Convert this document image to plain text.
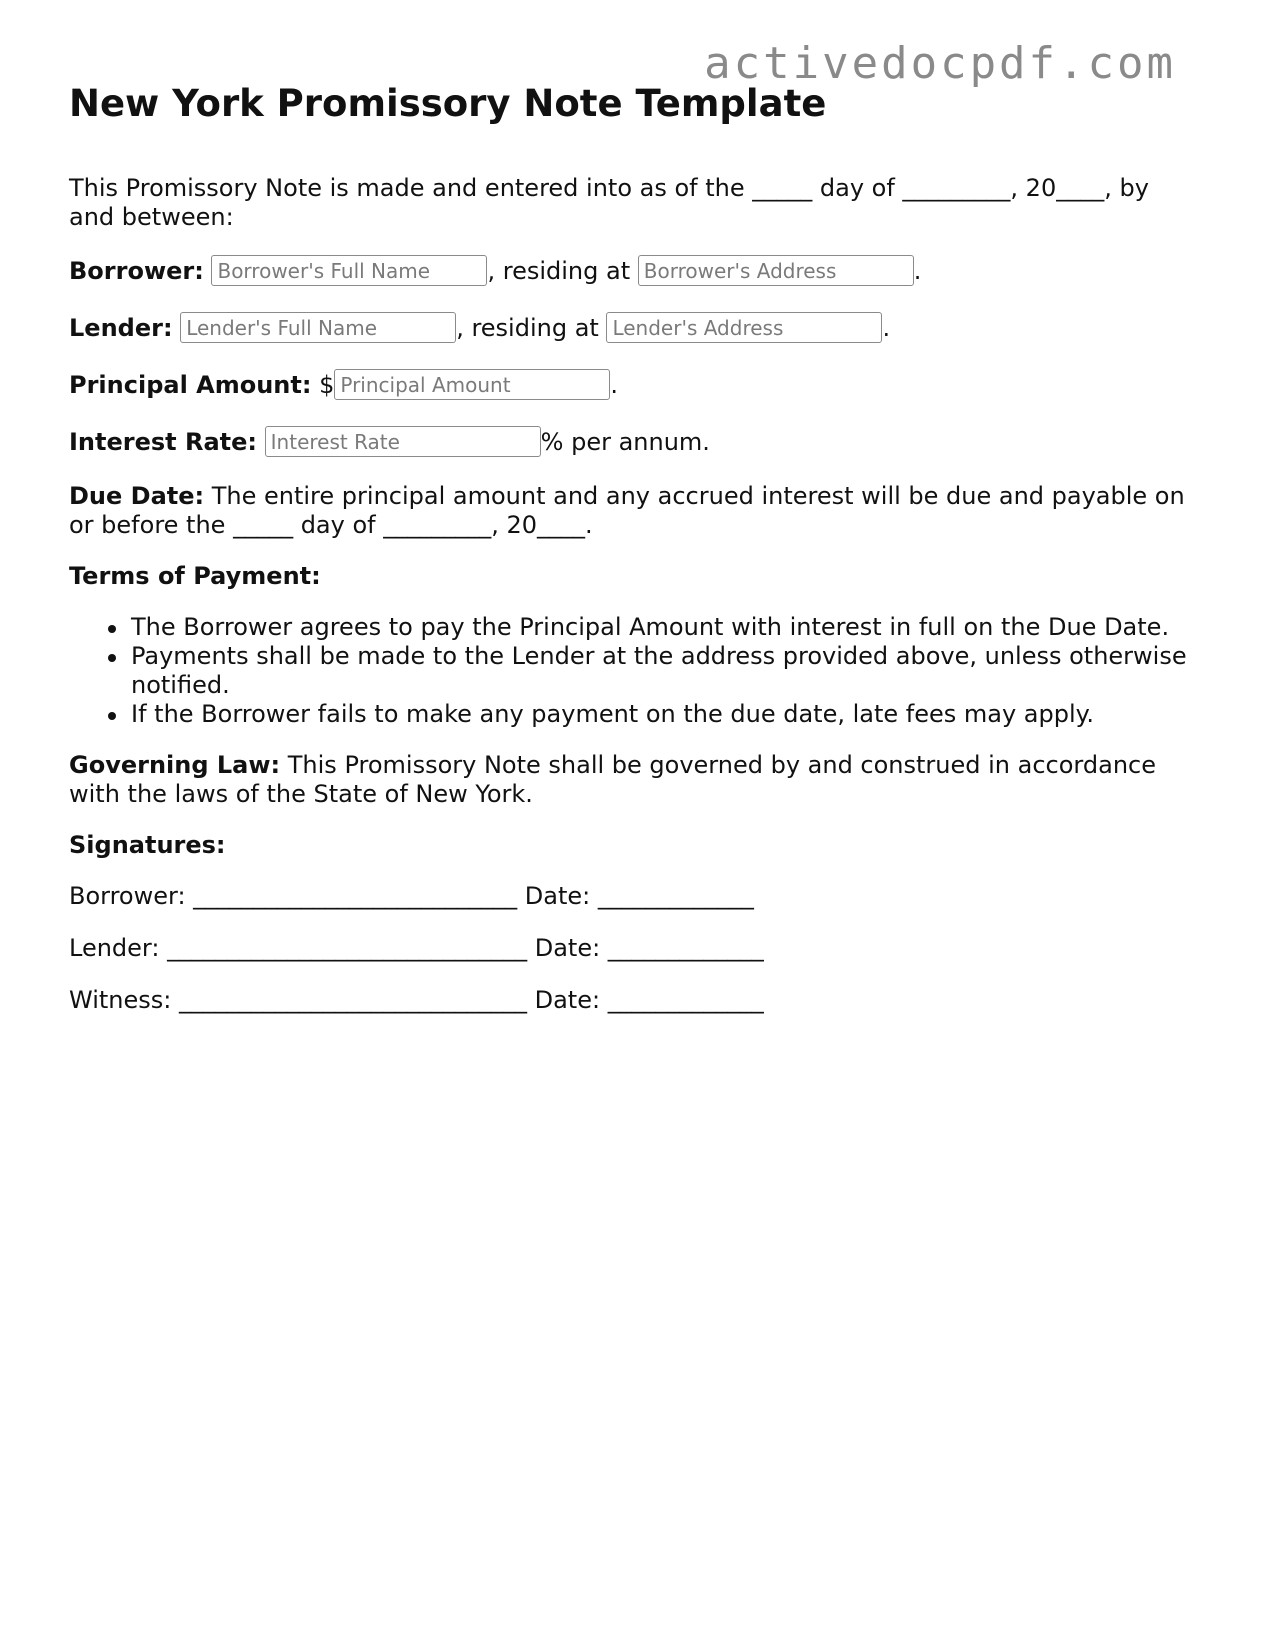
activedocpdf.com
New York Promissory Note Template

This Promissory Note is made and entered into as of the _____ day of _________, 20____, by and between:

Borrower: Borrower's Full Name	, residing at Borrower's Address	.

Lender: Lender's Full Name	, residing at Lender's Address	.

Principal Amount: $Principal Amount	.

Interest Rate: Interest Rate	% per annum.

Due Date: The entire principal amount and any accrued interest will be due and payable on or before the _____ day of _________, 20____.

Terms of Payment:

The Borrower agrees to pay the Principal Amount with interest in full on the Due Date.
Payments shall be made to the Lender at the address provided above, unless otherwise notified.
If the Borrower fails to make any payment on the due date, late fees may apply.

Governing Law: This Promissory Note shall be governed by and construed in accordance with the laws of the State of New York.

Signatures:

Borrower: ___________________________ Date: _____________

Lender: ______________________________ Date: _____________

Witness: _____________________________ Date: _____________
